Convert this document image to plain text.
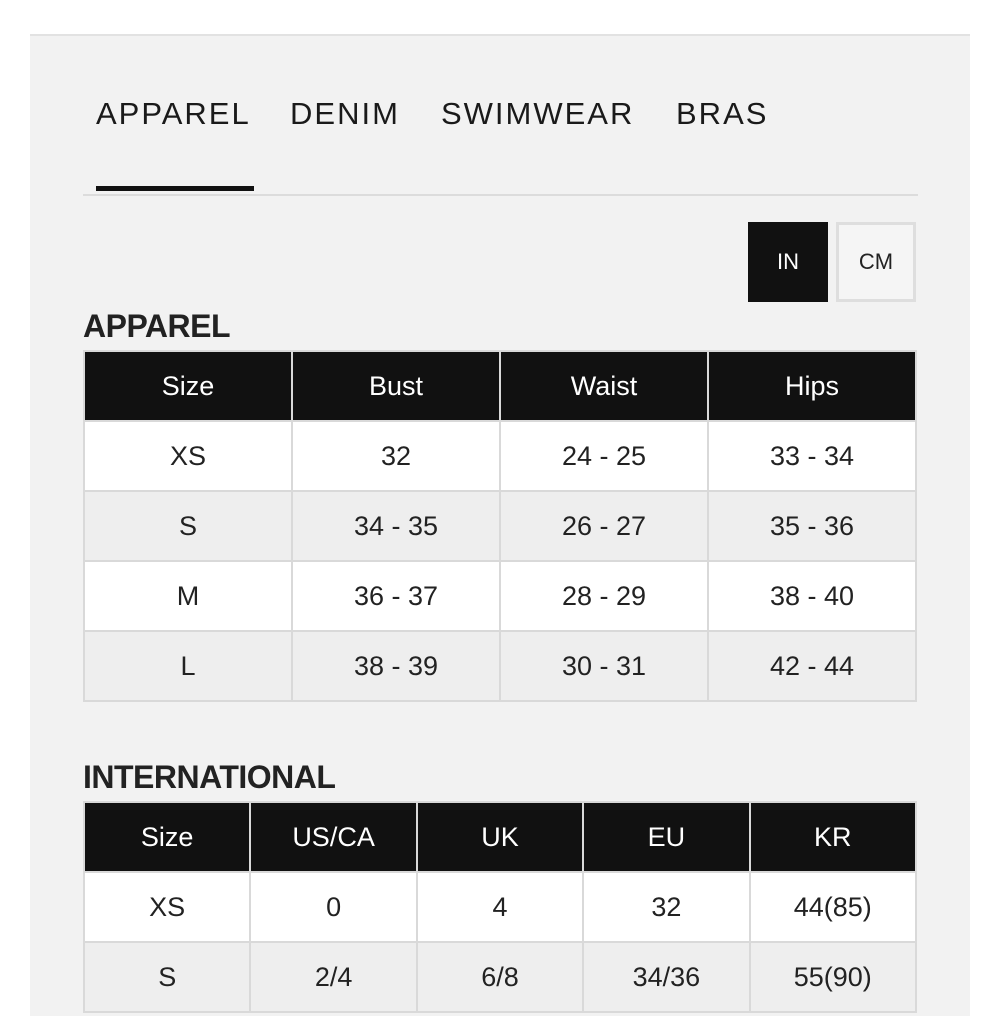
APPAREL DENIM SWIMWEAR BRAS
IN	CM
APPAREL
Size	Bust	Waist	Hips
XS	32	24 - 25	33 - 34
S	34 - 35	26 - 27	35 - 36
M	36 - 37	28 - 29	38 - 40
L	38 - 39	30 - 31	42 - 44
INTERNATIONAL
Size	US/CA	UK	EU	KR
XS	0	4	32	44(85)
S	2/4	6/8	34/36	55(90)
